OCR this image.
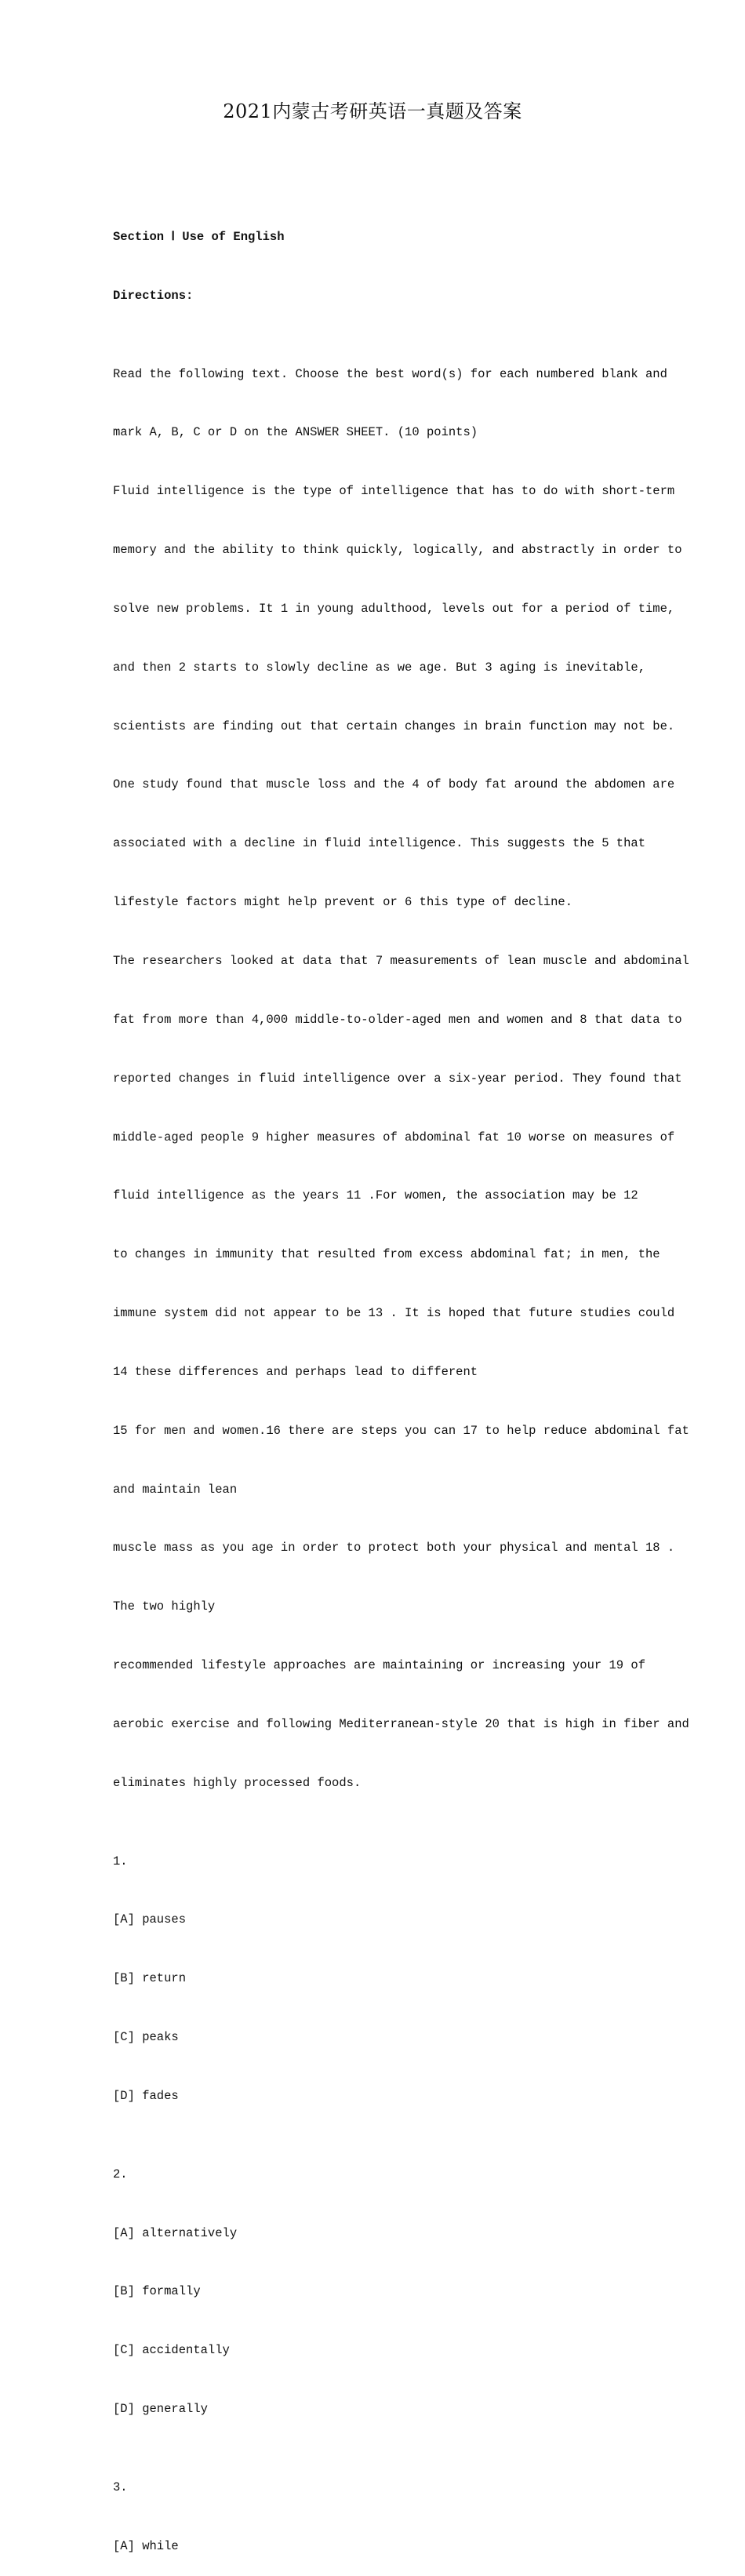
2021内蒙古考研英语一真题及答案

Section Ⅰ Use of English

Directions:

Read the following text. Choose the best word(s) for each numbered blank and

mark A, B, C or D on the ANSWER SHEET. (10 points)

Fluid intelligence is the type of intelligence that has to do with short-term

memory and the ability to think quickly, logically, and abstractly in order to

solve new problems. It 1 in young adulthood, levels out for a period of time,

and then 2 starts to slowly decline as we age. But 3 aging is inevitable,

scientists are finding out that certain changes in brain function may not be.

One study found that muscle loss and the 4 of body fat around the abdomen are

associated with a decline in fluid intelligence. This suggests the 5 that

lifestyle factors might help prevent or 6 this type of decline.

The researchers looked at data that 7 measurements of lean muscle and abdominal

fat from more than 4,000 middle-to-older-aged men and women and 8 that data to

reported changes in fluid intelligence over a six-year period. They found that

middle-aged people 9 higher measures of abdominal fat 10 worse on measures of

fluid intelligence as the years 11 .For women, the association may be 12

to changes in immunity that resulted from excess abdominal fat; in men, the

immune system did not appear to be 13 . It is hoped that future studies could

14 these differences and perhaps lead to different

15 for men and women.16 there are steps you can 17 to help reduce abdominal fat

and maintain lean

muscle mass as you age in order to protect both your physical and mental 18 .

The two highly

recommended lifestyle approaches are maintaining or increasing your 19 of

aerobic exercise and following Mediterranean-style 20 that is high in fiber and

eliminates highly processed foods.

1.

[A] pauses

[B] return

[C] peaks

[D] fades

2.

[A] alternatively

[B] formally

[C] accidentally

[D] generally

3.

[A] while
